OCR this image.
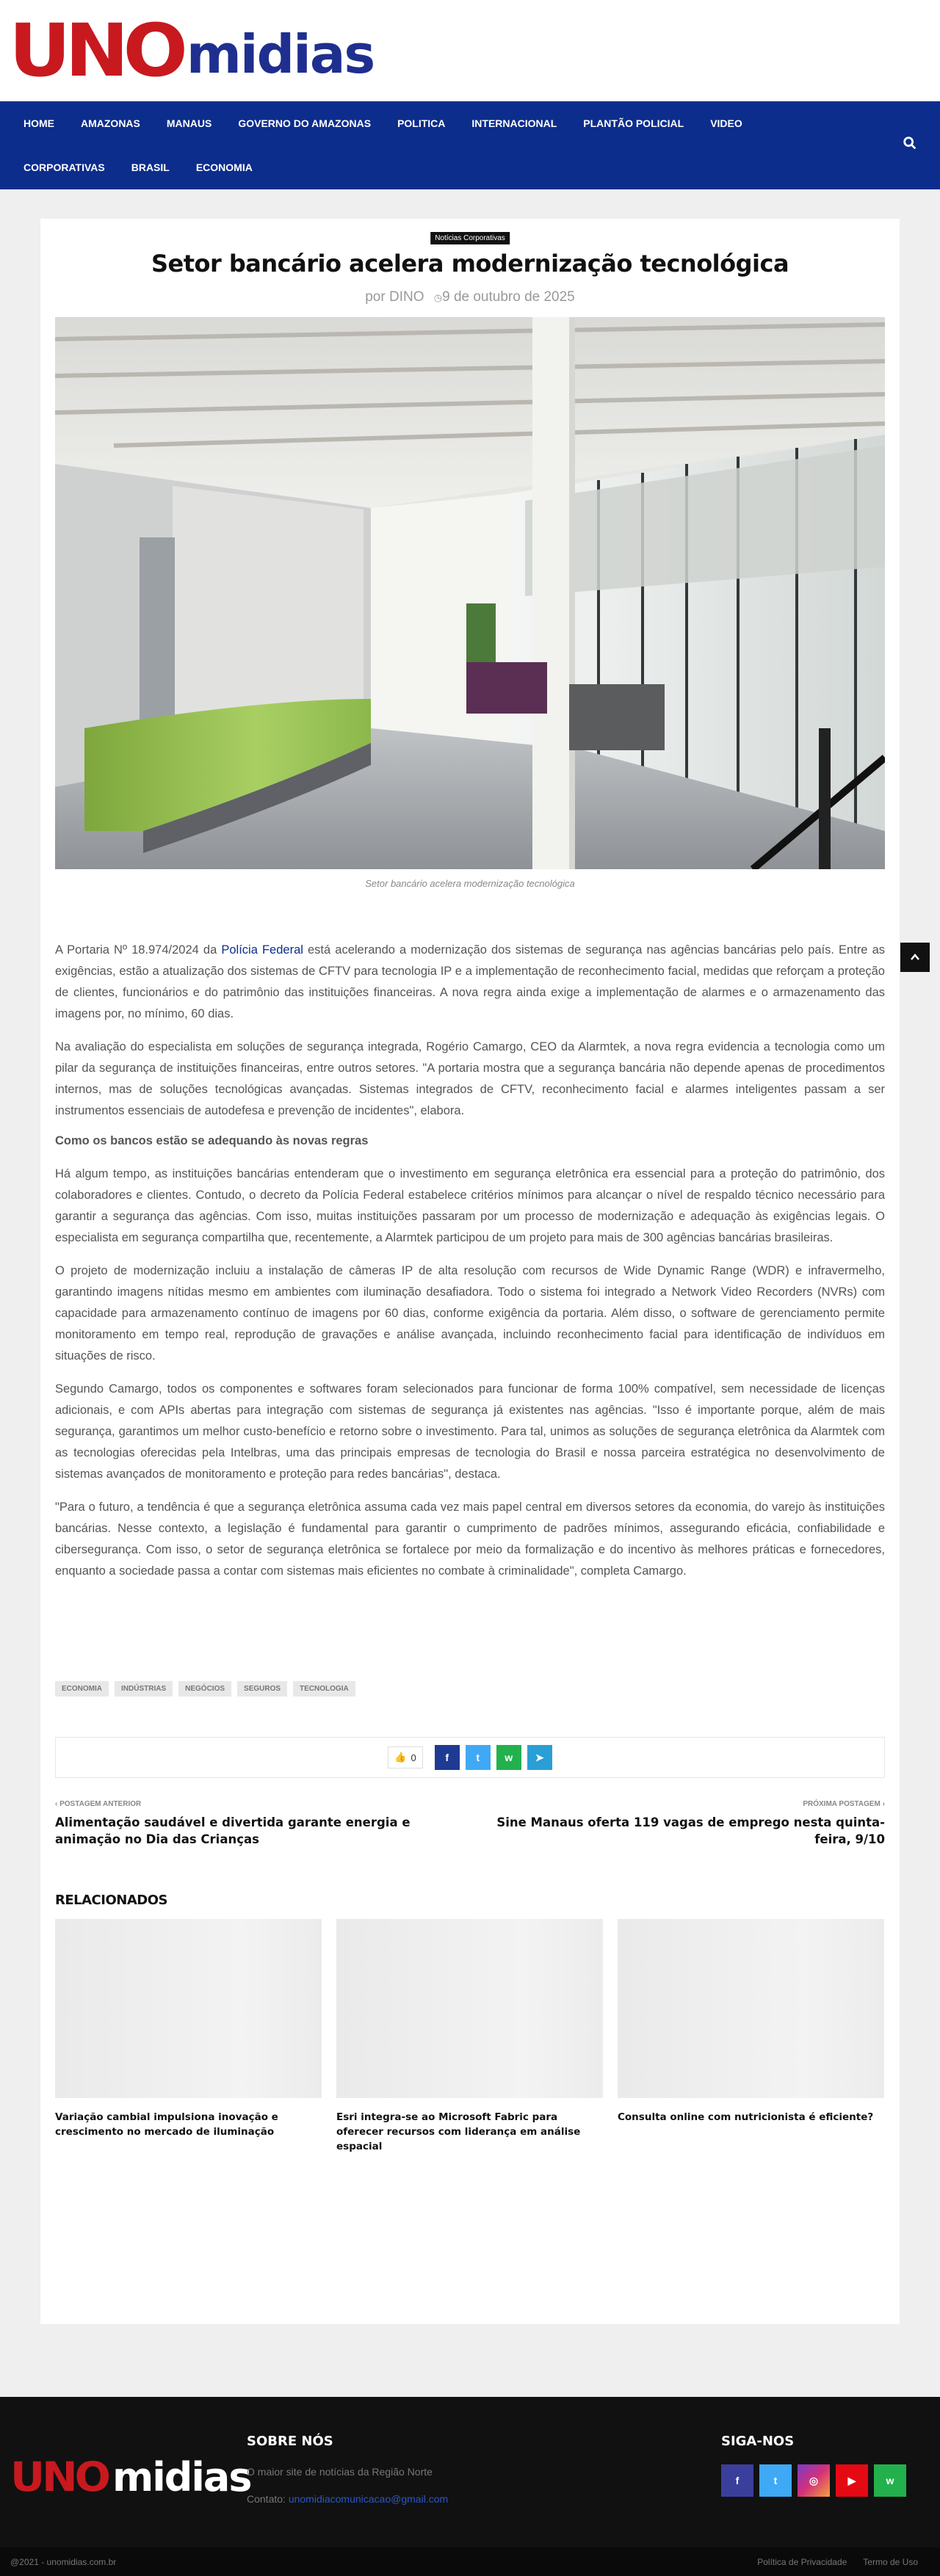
UNO midias
HOME	AMAZONAS	MANAUS	GOVERNO DO AMAZONAS	POLITICA	INTERNACIONAL	PLANTÃO POLICIAL	VIDEO
CORPORATIVAS	BRASIL	ECONOMIA
Notícias Corporativas
Setor bancário acelera modernização tecnológica
por DINO ◷9 de outubro de 2025
Setor bancário acelera modernização tecnológica

A Portaria Nº 18.974/2024 da Polícia Federal está acelerando a modernização dos sistemas de segurança nas agências bancárias pelo país. Entre as exigências, estão a atualização dos sistemas de CFTV para tecnologia IP e a implementação de reconhecimento facial, medidas que reforçam a proteção de clientes, funcionários e do patrimônio das instituições financeiras. A nova regra ainda exige a implementação de alarmes e o armazenamento das imagens por, no mínimo, 60 dias.

Na avaliação do especialista em soluções de segurança integrada, Rogério Camargo, CEO da Alarmtek, a nova regra evidencia a tecnologia como um pilar da segurança de instituições financeiras, entre outros setores. "A portaria mostra que a segurança bancária não depende apenas de procedimentos internos, mas de soluções tecnológicas avançadas. Sistemas integrados de CFTV, reconhecimento facial e alarmes inteligentes passam a ser instrumentos essenciais de autodefesa e prevenção de incidentes", elabora.

Como os bancos estão se adequando às novas regras

Há algum tempo, as instituições bancárias entenderam que o investimento em segurança eletrônica era essencial para a proteção do patrimônio, dos colaboradores e clientes. Contudo, o decreto da Polícia Federal estabelece critérios mínimos para alcançar o nível de respaldo técnico necessário para garantir a segurança das agências. Com isso, muitas instituições passaram por um processo de modernização e adequação às exigências legais. O especialista em segurança compartilha que, recentemente, a Alarmtek participou de um projeto para mais de 300 agências bancárias brasileiras.

O projeto de modernização incluiu a instalação de câmeras IP de alta resolução com recursos de Wide Dynamic Range (WDR) e infravermelho, garantindo imagens nítidas mesmo em ambientes com iluminação desafiadora. Todo o sistema foi integrado a Network Video Recorders (NVRs) com capacidade para armazenamento contínuo de imagens por 60 dias, conforme exigência da portaria. Além disso, o software de gerenciamento permite monitoramento em tempo real, reprodução de gravações e análise avançada, incluindo reconhecimento facial para identificação de indivíduos em situações de risco.

Segundo Camargo, todos os componentes e softwares foram selecionados para funcionar de forma 100% compatível, sem necessidade de licenças adicionais, e com APIs abertas para integração com sistemas de segurança já existentes nas agências. "Isso é importante porque, além de mais segurança, garantimos um melhor custo-benefício e retorno sobre o investimento. Para tal, unimos as soluções de segurança eletrônica da Alarmtek com as tecnologias oferecidas pela Intelbras, uma das principais empresas de tecnologia do Brasil e nossa parceira estratégica no desenvolvimento de sistemas avançados de monitoramento e proteção para redes bancárias", destaca.

"Para o futuro, a tendência é que a segurança eletrônica assuma cada vez mais papel central em diversos setores da economia, do varejo às instituições bancárias. Nesse contexto, a legislação é fundamental para garantir o cumprimento de padrões mínimos, assegurando eficácia, confiabilidade e cibersegurança. Com isso, o setor de segurança eletrônica se fortalece por meio da formalização e do incentivo às melhores práticas e fornecedores, enquanto a sociedade passa a contar com sistemas mais eficientes no combate à criminalidade", completa Camargo.

ECONOMIA	INDÚSTRIAS	NEGÓCIOS	SEGUROS	TECNOLOGIA
👍 0	f	t w ➤
‹ POSTAGEM ANTERIOR
Alimentação saudável e divertida garante energia e animação no Dia das Crianças
PRÓXIMA POSTAGEM ›
Sine Manaus oferta 119 vagas de emprego nesta quinta-feira, 9/10
RELACIONADOS
Variação cambial impulsiona inovação e crescimento no mercado de iluminação
Esri integra-se ao Microsoft Fabric para oferecer recursos com liderança em análise espacial
Consulta online com nutricionista é eficiente?
UNO midias
SOBRE NÓS
O maior site de notícias da Região Norte
Contato: unomidiacomunicacao@gmail.com
SIGA-NOS
f	t	◎	▶	w
@2021 - unomidias.com.br	Política de Privacidade Termo de Uso
